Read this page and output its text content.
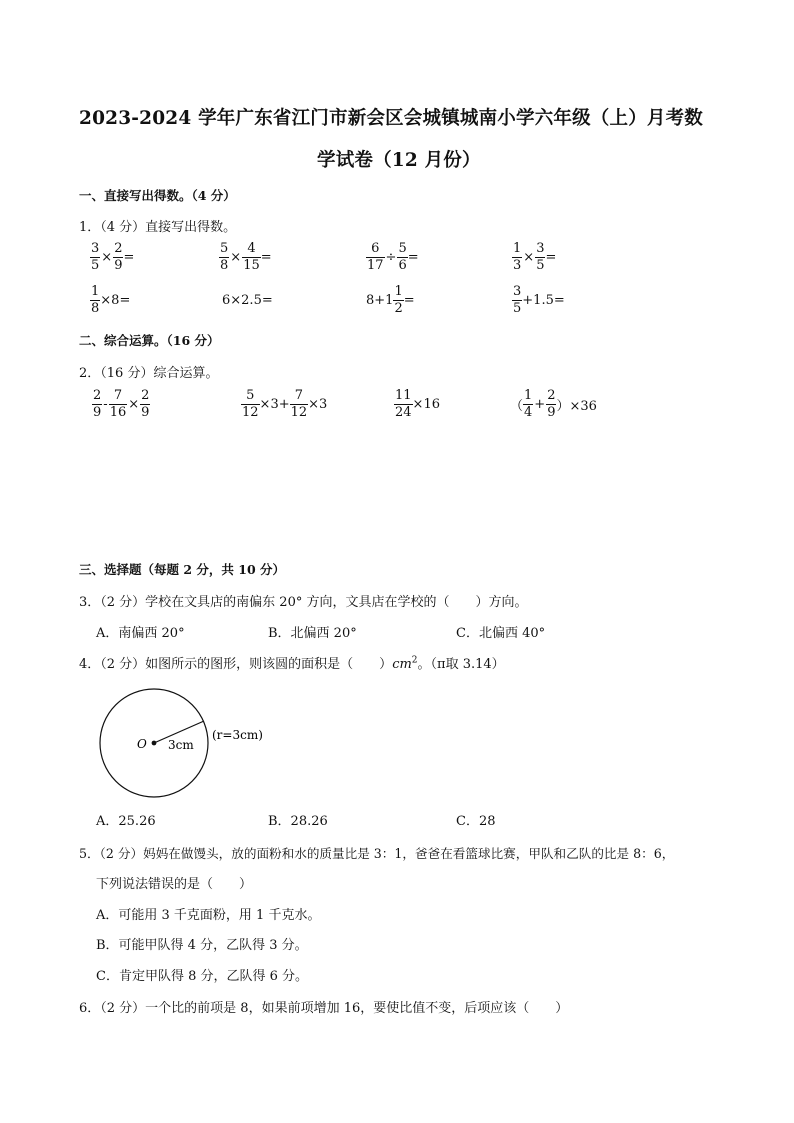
2023-2024 学年广东省江门市新会区会城镇城南小学六年级（上）月考数
学试卷（12 月份）
一、直接写出得数。（4 分）
1．（4 分）直接写出得数。
$\frac{3}{5} \times \frac{2}{9}$ =	$\frac{5}{8} \times \frac{4}{15}$ =	$\frac{6}{17} \div \frac{5}{6}$ =	$\frac{1}{3} \times \frac{3}{5}$ =
$\frac{1}{8} \times 8=$	6×2.5=	$8+1 \frac{1}{2}$ =	$\frac{3}{5} +1.5=$
二、综合运算。（16 分）
2．（16 分）综合运算。
$\frac{2}{9} - \frac{7}{16} \times \frac{2}{9}$	$\frac{5}{12} \times 3+ \frac{7}{12} \times 3$	$\frac{11}{24} \times 16$	（ $\frac{1}{4} + \frac{2}{9} )\times 36$
三、选择题（每题 2 分，共 10 分）
3．（2 分）学校在文具店的南偏东 20° 方向，文具店在学校的（　　）方向。
A．南偏西 20°	B．北偏西 20°	C．北偏西 40°
4．（2 分）如图所示的图形，则该圆的面积是（　　）$cm^2$。（π取 3.14）
O 3cm
(r=3cm)
A．25.26	B．28.26	C．28
5．（2 分）妈妈在做馒头，放的面粉和水的质量比是 3：1，爸爸在看篮球比赛，甲队和乙队的比是 8：6，
下列说法错误的是（　　）
A．可能用 3 千克面粉，用 1 千克水。
B．可能甲队得 4 分，乙队得 3 分。
C．肯定甲队得 8 分，乙队得 6 分。
6．（2 分）一个比的前项是 8，如果前项增加 16，要使比值不变，后项应该（　　）
